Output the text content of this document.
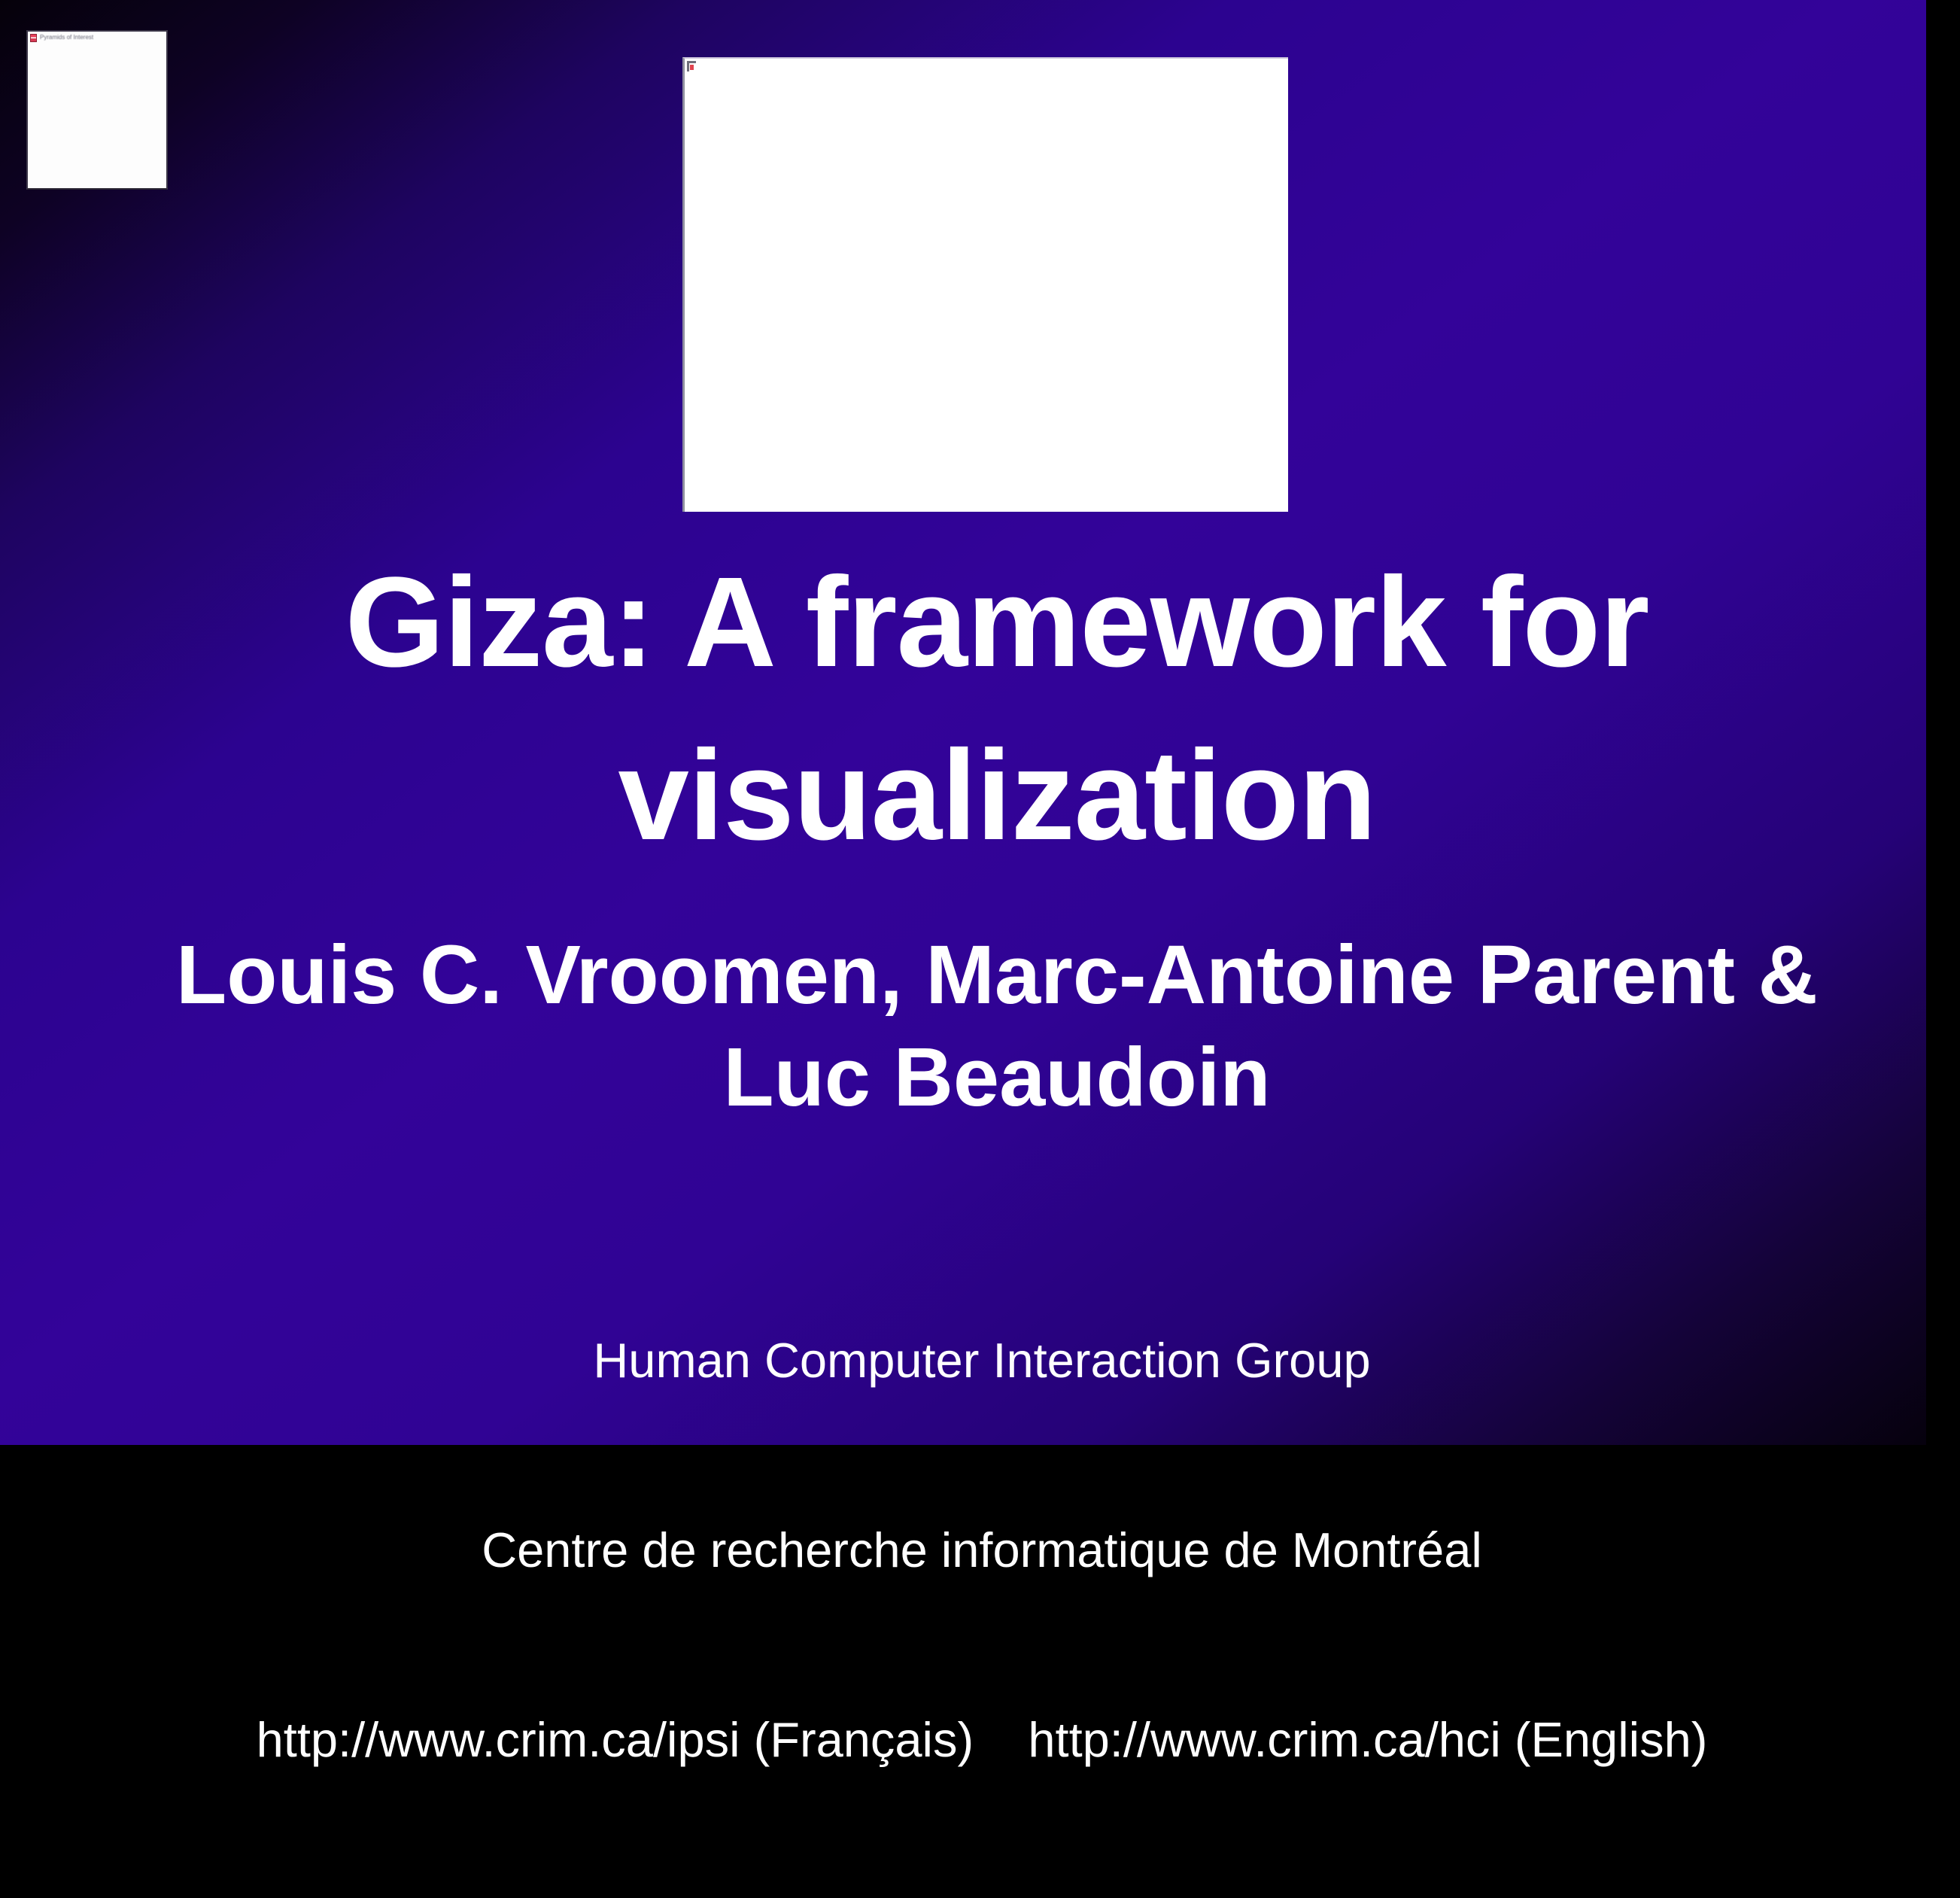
Pyramids of Interest
Giza: A framework for
visualization
Louis C. Vroomen, Marc-Antoine Parent &
Luc Beaudoin

Human Computer Interaction Group

Centre de recherche informatique de Montréal

http://www.crim.ca/ipsi (Français)    http://www.crim.ca/hci (English)
